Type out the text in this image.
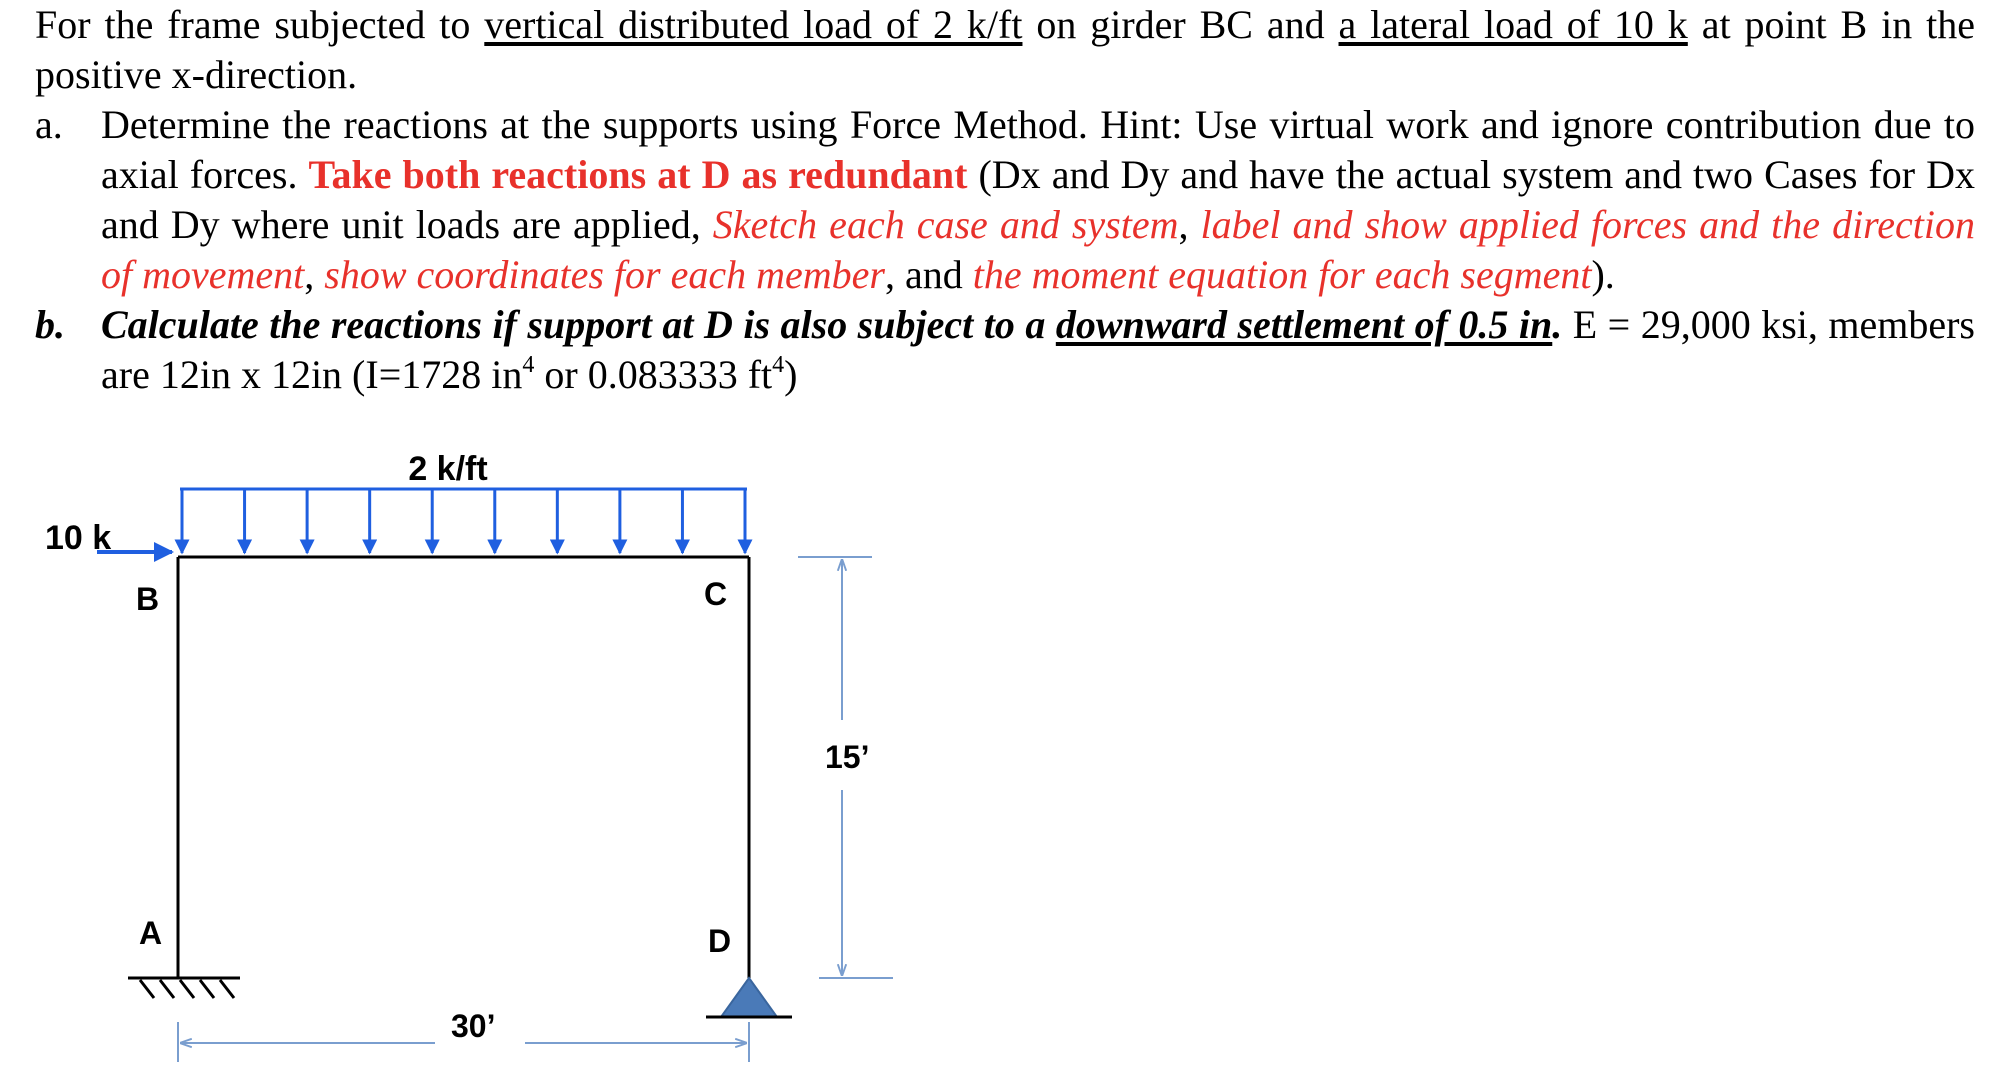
For the frame subjected to vertical distributed load of 2 k/ft on girder BC and a lateral load of 10 k at point B in the positive x-direction.
a. Determine the reactions at the supports using Force Method. Hint: Use virtual work and ignore contribution due to axial forces. Take both reactions at D as redundant (Dx and Dy and have the actual system and two Cases for Dx and Dy where unit loads are applied, Sketch each case and system, label and show applied forces and the direction of movement, show coordinates for each member, and the moment equation for each segment).
b. Calculate the reactions if support at D is also subject to a downward settlement of 0.5 in. E = 29,000 ksi, members are 12in x 12in (I=1728 $in^4$ or 0.083333 $ft^4$)
2 k/ft
10 k
B	C
A	D
15’
30’
